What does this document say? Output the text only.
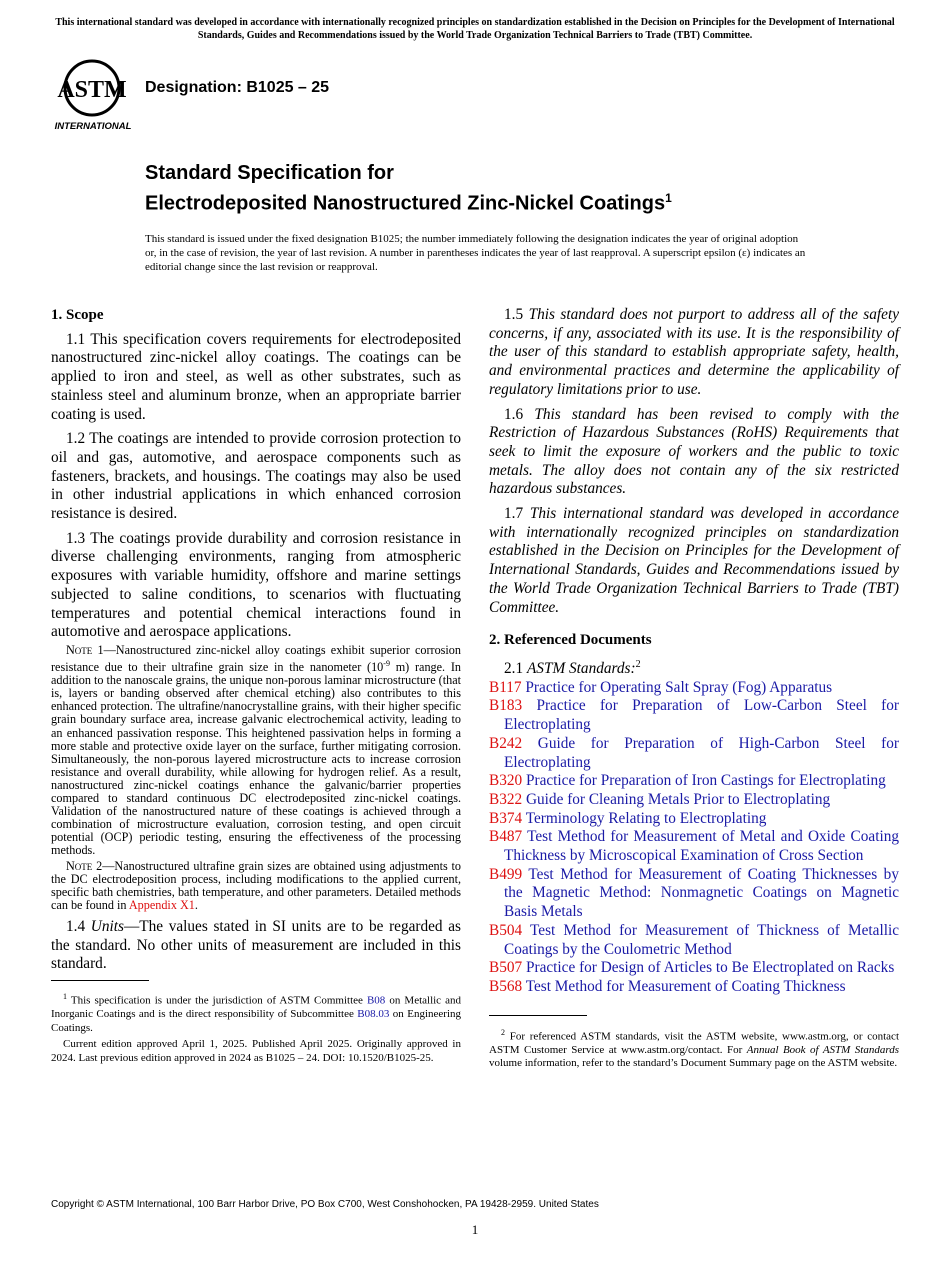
This international standard was developed in accordance with internationally recognized principles on standardization established in the Decision on Principles for the Development of International Standards, Guides and Recommendations issued by the World Trade Organization Technical Barriers to Trade (TBT) Committee.
ASTM
INTERNATIONAL
Designation: B1025 – 25
Standard Specification for
Electrodeposited Nanostructured Zinc-Nickel Coatings$^1$
This standard is issued under the fixed designation B1025; the number immediately following the designation indicates the year of original adoption or, in the case of revision, the year of last revision. A number in parentheses indicates the year of last reapproval. A superscript epsilon (ε) indicates an editorial change since the last revision or reapproval.
1. Scope

1.1 This specification covers requirements for electrodeposited nanostructured zinc-nickel alloy coatings. The coatings can be applied to iron and steel, as well as other substrates, such as stainless steel and aluminum bronze, when an appropriate barrier coating is used.

1.2 The coatings are intended to provide corrosion protection to oil and gas, automotive, and aerospace components such as fasteners, brackets, and housings. The coatings may also be used in other industrial applications in which enhanced corrosion resistance is desired.

1.3 The coatings provide durability and corrosion resistance in diverse challenging environments, ranging from atmospheric exposures with variable humidity, offshore and marine settings subjected to saline conditions, to scenarios with fluctuating temperatures and potential chemical interactions found in automotive and aerospace applications.

Note 1—Nanostructured zinc-nickel alloy coatings exhibit superior corrosion resistance due to their ultrafine grain size in the nanometer ($10^{-9}$ m) range. In addition to the nanoscale grains, the unique non-porous laminar microstructure (that is, layers or banding observed after chemical etching) also contributes to this enhanced protection. The ultrafine/nanocrystalline grains, with their higher specific grain boundary surface area, increase galvanic electrochemical activity, leading to an enhanced passivation response. This heightened passivation helps in forming a more stable and protective oxide layer on the surface, further mitigating corrosion. Simultaneously, the non-porous layered microstructure acts to increase corrosion resistance and overall durability, while allowing for hydrogen relief. As a result, nanostructured zinc-nickel coatings enhance the galvanic/barrier properties compared to standard continuous DC electrodeposited zinc-nickel coatings. Validation of the nanostructured nature of these coatings is achieved through a combination of microstructure evaluation, corrosion testing, and open circuit potential (OCP) periodic testing, ensuring the effectiveness of the processing methods.

Note 2—Nanostructured ultrafine grain sizes are obtained using adjustments to the DC electrodeposition process, including modifications to the applied current, specific bath chemistries, bath temperature, and other parameters. Detailed methods can be found in Appendix X1.

1.4 Units—The values stated in SI units are to be regarded as the standard. No other units of measurement are included in this standard.

$^1$ This specification is under the jurisdiction of ASTM Committee B08 on Metallic and Inorganic Coatings and is the direct responsibility of Subcommittee B08.03 on Engineering Coatings.

Current edition approved April 1, 2025. Published April 2025. Originally approved in 2024. Last previous edition approved in 2024 as B1025 – 24. DOI: 10.1520/B1025-25.

1.5 This standard does not purport to address all of the safety concerns, if any, associated with its use. It is the responsibility of the user of this standard to establish appropriate safety, health, and environmental practices and determine the applicability of regulatory limitations prior to use.

1.6 This standard has been revised to comply with the Restriction of Hazardous Substances (RoHS) Requirements that seek to limit the exposure of workers and the public to toxic metals. The alloy does not contain any of the six restricted hazardous substances.

1.7 This international standard was developed in accordance with internationally recognized principles on standardization established in the Decision on Principles for the Development of International Standards, Guides and Recommendations issued by the World Trade Organization Technical Barriers to Trade (TBT) Committee.

2. Referenced Documents

2.1 ASTM Standards:$^2$

B117 Practice for Operating Salt Spray (Fog) Apparatus

B183 Practice for Preparation of Low-Carbon Steel for Electroplating

B242 Guide for Preparation of High-Carbon Steel for Electroplating

B320 Practice for Preparation of Iron Castings for Electroplating

B322 Guide for Cleaning Metals Prior to Electroplating

B374 Terminology Relating to Electroplating

B487 Test Method for Measurement of Metal and Oxide Coating Thickness by Microscopical Examination of Cross Section

B499 Test Method for Measurement of Coating Thicknesses by the Magnetic Method: Nonmagnetic Coatings on Magnetic Basis Metals

B504 Test Method for Measurement of Thickness of Metallic Coatings by the Coulometric Method

B507 Practice for Design of Articles to Be Electroplated on Racks

B568 Test Method for Measurement of Coating Thickness

$^2$ For referenced ASTM standards, visit the ASTM website, www.astm.org, or contact ASTM Customer Service at www.astm.org/contact. For Annual Book of ASTM Standards volume information, refer to the standard’s Document Summary page on the ASTM website.

Copyright © ASTM International, 100 Barr Harbor Drive, PO Box C700, West Conshohocken, PA 19428-2959. United States
1
